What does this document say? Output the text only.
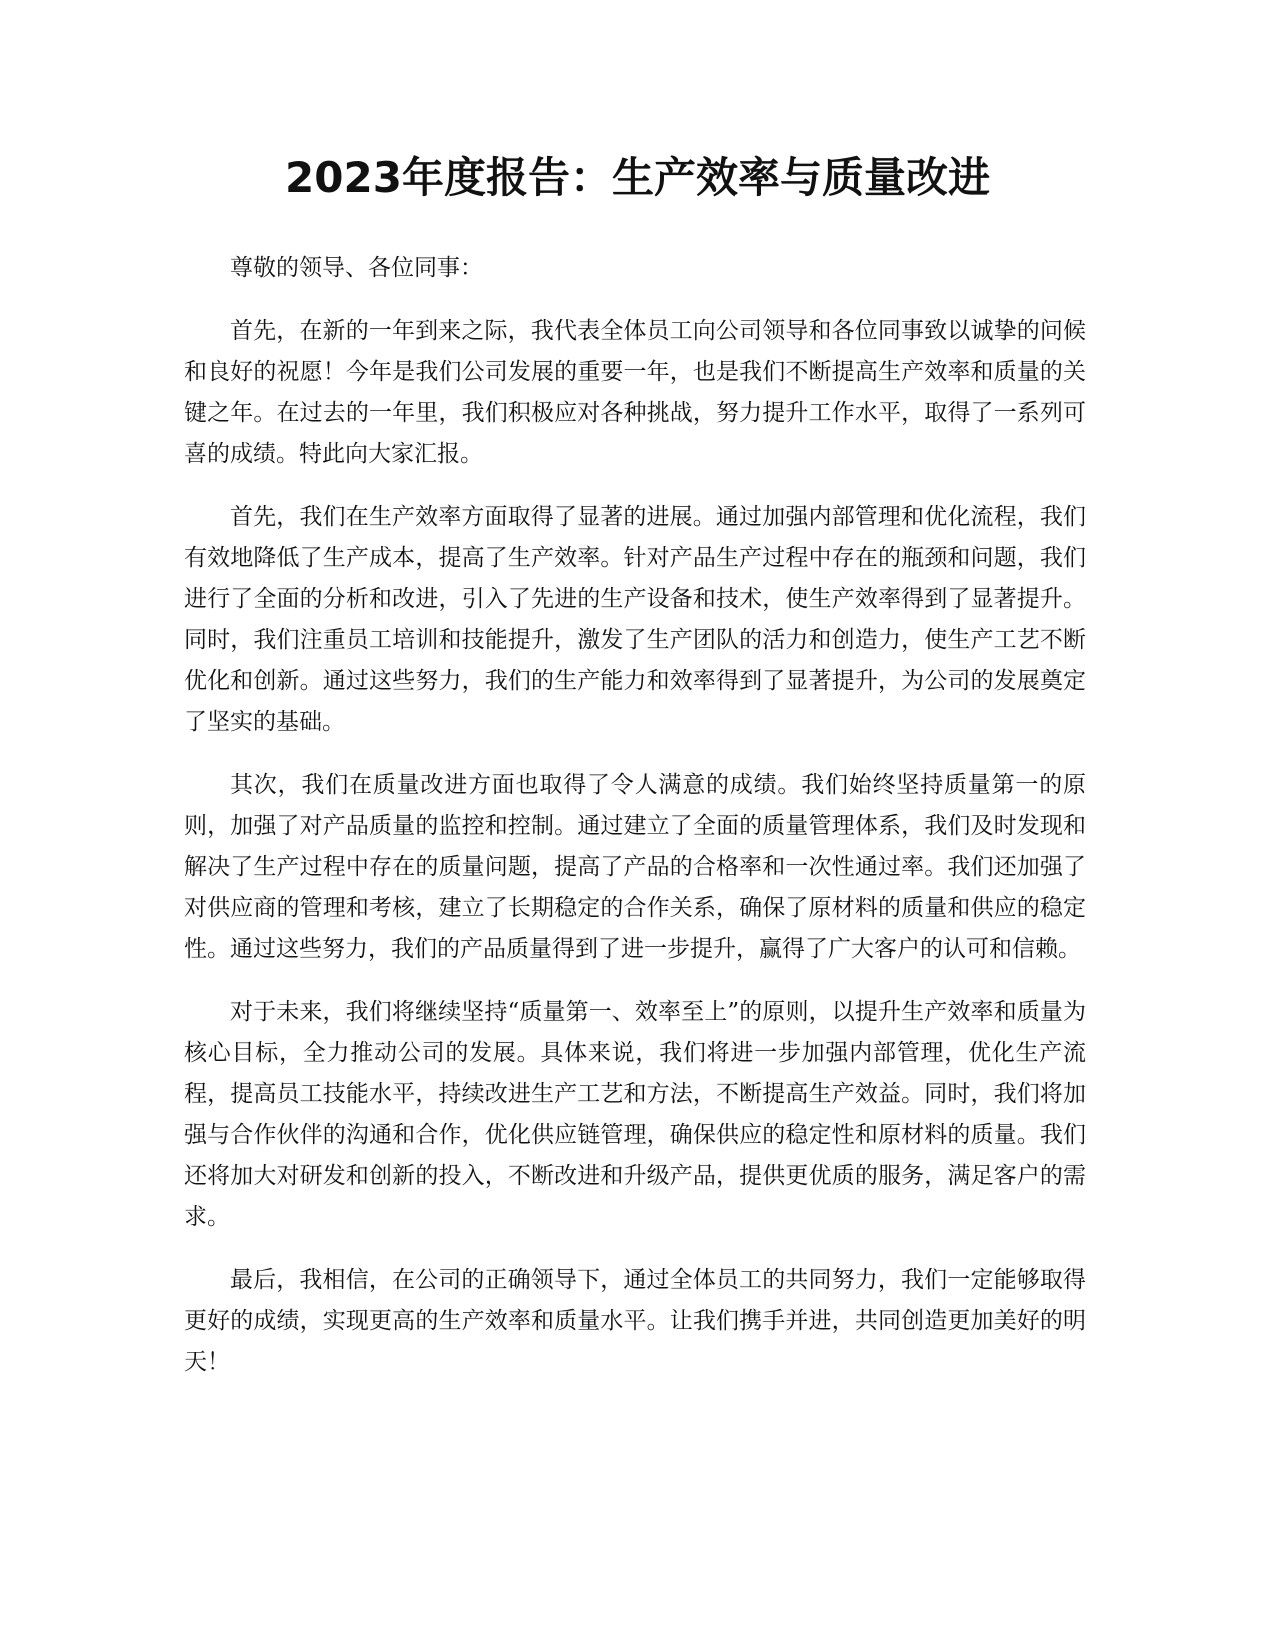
2023年度报告：生产效率与质量改进

尊敬的领导、各位同事：

首先，在新的一年到来之际，我代表全体员工向公司领导和各位同事致以诚挚的问候和良好的祝愿！今年是我们公司发展的重要一年，也是我们不断提高生产效率和质量的关键之年。在过去的一年里，我们积极应对各种挑战，努力提升工作水平，取得了一系列可喜的成绩。特此向大家汇报。

首先，我们在生产效率方面取得了显著的进展。通过加强内部管理和优化流程，我们有效地降低了生产成本，提高了生产效率。针对产品生产过程中存在的瓶颈和问题，我们进行了全面的分析和改进，引入了先进的生产设备和技术，使生产效率得到了显著提升。同时，我们注重员工培训和技能提升，激发了生产团队的活力和创造力，使生产工艺不断优化和创新。通过这些努力，我们的生产能力和效率得到了显著提升，为公司的发展奠定了坚实的基础。

其次，我们在质量改进方面也取得了令人满意的成绩。我们始终坚持质量第一的原则，加强了对产品质量的监控和控制。通过建立了全面的质量管理体系，我们及时发现和解决了生产过程中存在的质量问题，提高了产品的合格率和一次性通过率。我们还加强了对供应商的管理和考核，建立了长期稳定的合作关系，确保了原材料的质量和供应的稳定性。通过这些努力，我们的产品质量得到了进一步提升，赢得了广大客户的认可和信赖。

对于未来，我们将继续坚持“质量第一、效率至上”的原则，以提升生产效率和质量为核心目标，全力推动公司的发展。具体来说，我们将进一步加强内部管理，优化生产流程，提高员工技能水平，持续改进生产工艺和方法，不断提高生产效益。同时，我们将加强与合作伙伴的沟通和合作，优化供应链管理，确保供应的稳定性和原材料的质量。我们还将加大对研发和创新的投入，不断改进和升级产品，提供更优质的服务，满足客户的需求。

最后，我相信，在公司的正确领导下，通过全体员工的共同努力，我们一定能够取得更好的成绩，实现更高的生产效率和质量水平。让我们携手并进，共同创造更加美好的明天！
